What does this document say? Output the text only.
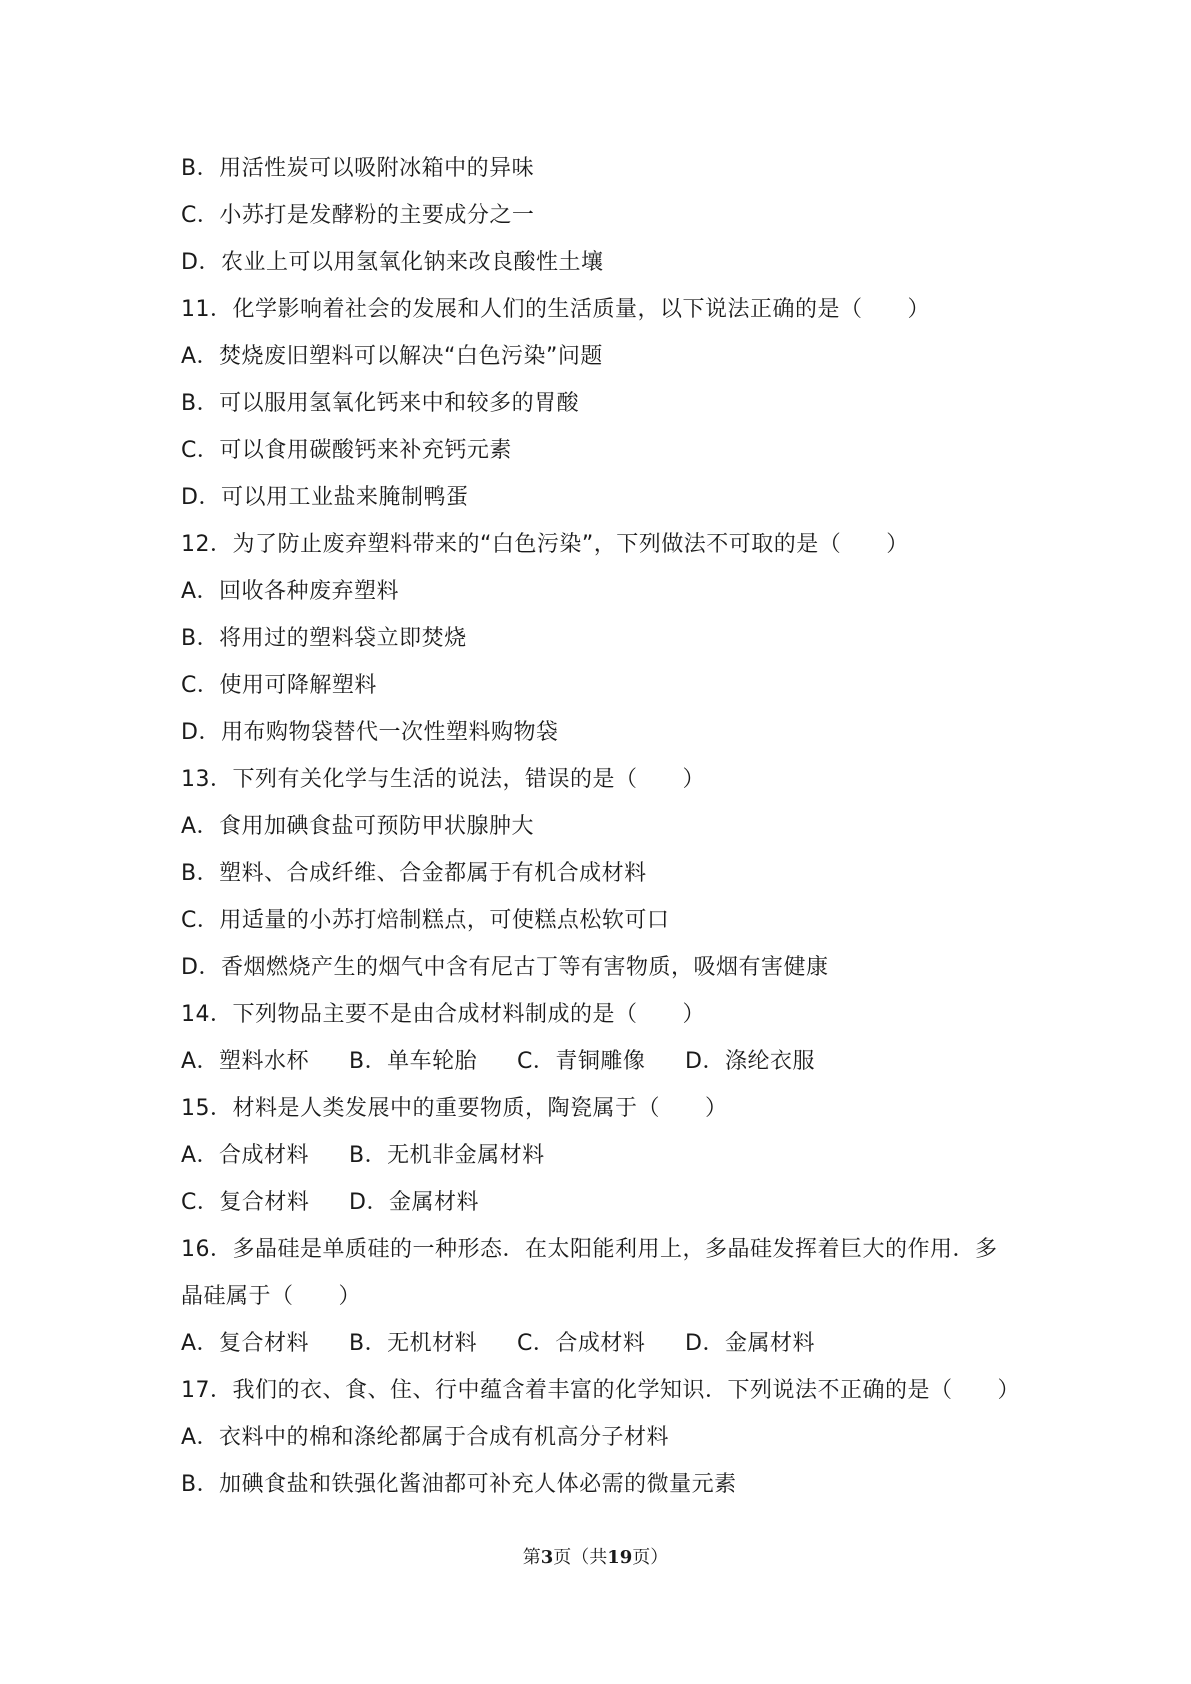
B．用活性炭可以吸附冰箱中的异味
C．小苏打是发酵粉的主要成分之一
D．农业上可以用氢氧化钠来改良酸性土壤
11．化学影响着社会的发展和人们的生活质量，以下说法正确的是（　　）
A．焚烧废旧塑料可以解决“白色污染”问题
B．可以服用氢氧化钙来中和较多的胃酸
C．可以食用碳酸钙来补充钙元素
D．可以用工业盐来腌制鸭蛋
12．为了防止废弃塑料带来的“白色污染”，下列做法不可取的是（　　）
A．回收各种废弃塑料
B．将用过的塑料袋立即焚烧
C．使用可降解塑料
D．用布购物袋替代一次性塑料购物袋
13．下列有关化学与生活的说法，错误的是（　　）
A．食用加碘食盐可预防甲状腺肿大
B．塑料、合成纤维、合金都属于有机合成材料
C．用适量的小苏打焙制糕点，可使糕点松软可口
D．香烟燃烧产生的烟气中含有尼古丁等有害物质，吸烟有害健康
14．下列物品主要不是由合成材料制成的是（　　）
A．塑料水杯	B．单车轮胎	C．青铜雕像	D．涤纶衣服
15．材料是人类发展中的重要物质，陶瓷属于（　　）
A．合成材料	B．无机非金属材料
C．复合材料	D．金属材料
16．多晶硅是单质硅的一种形态．在太阳能利用上，多晶硅发挥着巨大的作用．多
晶硅属于（　　）
A．复合材料	B．无机材料	C．合成材料	D．金属材料
17．我们的衣、食、住、行中蕴含着丰富的化学知识．下列说法不正确的是（　　）
A．衣料中的棉和涤纶都属于合成有机高分子材料
B．加碘食盐和铁强化酱油都可补充人体必需的微量元素
第3页（共19页）
